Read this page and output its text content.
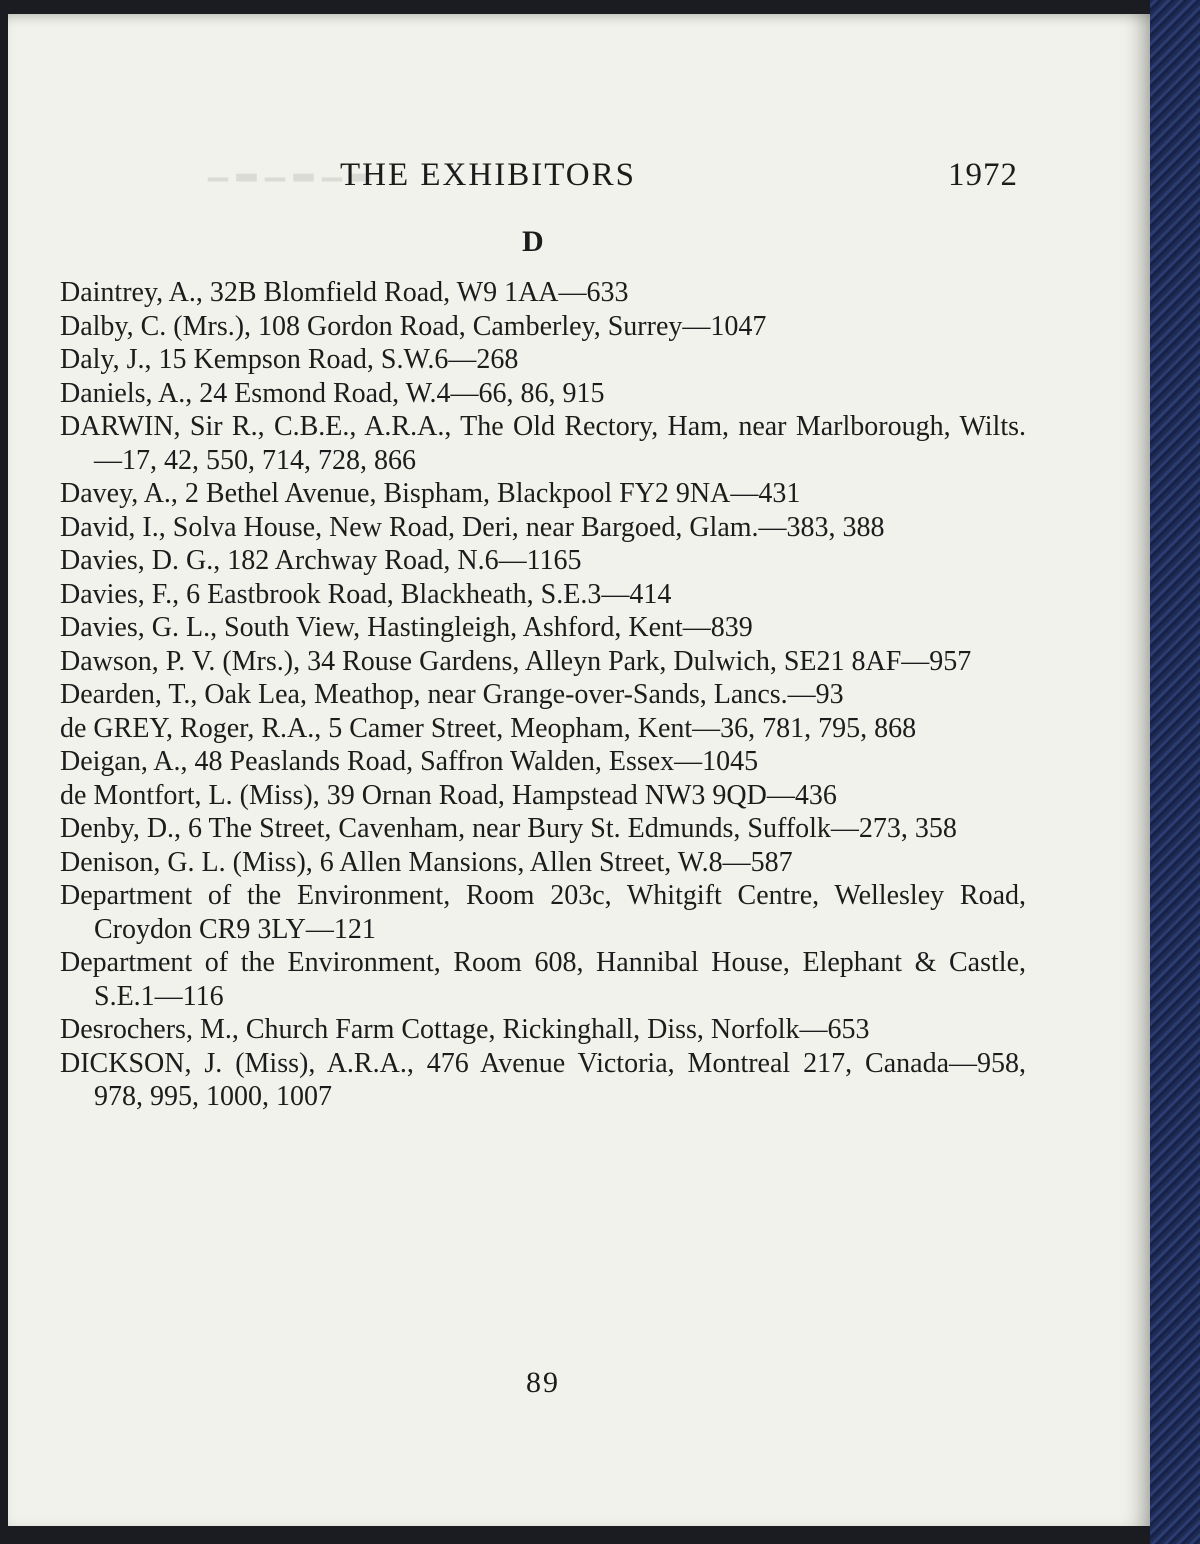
▁ ▂ ▁ ▂ ▁ ▂
THE EXHIBITORS	1972
D
Daintrey, A., 32B Blomfield Road, W9 1AA—633
Dalby, C. (Mrs.), 108 Gordon Road, Camberley, Surrey—1047
Daly, J., 15 Kempson Road, S.W.6—268
Daniels, A., 24 Esmond Road, W.4—66, 86, 915
DARWIN, Sir R., C.B.E., A.R.A., The Old Rectory, Ham, near Marlborough, Wilts.—17, 42, 550, 714, 728, 866
Davey, A., 2 Bethel Avenue, Bispham, Blackpool FY2 9NA—431
David, I., Solva House, New Road, Deri, near Bargoed, Glam.—383, 388
Davies, D. G., 182 Archway Road, N.6—1165
Davies, F., 6 Eastbrook Road, Blackheath, S.E.3—414
Davies, G. L., South View, Hastingleigh, Ashford, Kent—839
Dawson, P. V. (Mrs.), 34 Rouse Gardens, Alleyn Park, Dulwich, SE21 8AF—957
Dearden, T., Oak Lea, Meathop, near Grange-over-Sands, Lancs.—93
de GREY, Roger, R.A., 5 Camer Street, Meopham, Kent—36, 781, 795, 868
Deigan, A., 48 Peaslands Road, Saffron Walden, Essex—1045
de Montfort, L. (Miss), 39 Ornan Road, Hampstead NW3 9QD—436
Denby, D., 6 The Street, Cavenham, near Bury St. Edmunds, Suffolk—273, 358
Denison, G. L. (Miss), 6 Allen Mansions, Allen Street, W.8—587
Department of the Environment, Room 203c, Whitgift Centre, Wellesley Road, Croydon CR9 3LY—121
Department of the Environment, Room 608, Hannibal House, Elephant & Castle, S.E.1—116
Desrochers, M., Church Farm Cottage, Rickinghall, Diss, Norfolk—653
DICKSON, J. (Miss), A.R.A., 476 Avenue Victoria, Montreal 217, Canada—958, 978, 995, 1000, 1007
89
